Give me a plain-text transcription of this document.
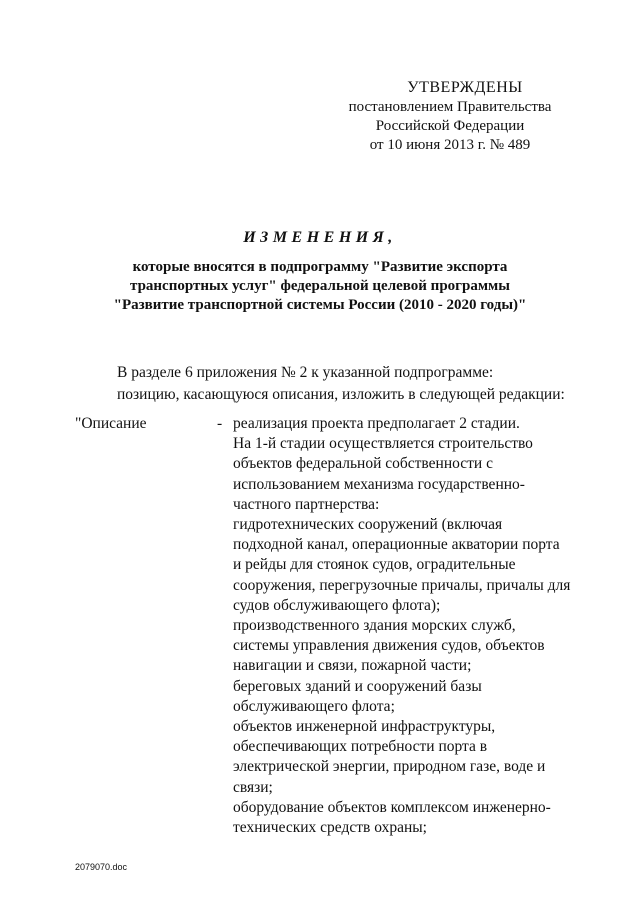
УТВЕРЖДЕНЫ
постановлением Правительства
Российской Федерации
от 10 июня 2013 г. № 489
ИЗМЕНЕНИЯ,
которые вносятся в подпрограмму "Развитие экспорта
транспортных услуг" федеральной целевой программы
"Развитие транспортной системы России (2010 - 2020 годы)"
В разделе 6 приложения № 2 к указанной подпрограмме:
позицию, касающуюся описания, изложить в следующей редакции:
"Описание	- реализация проекта предполагает 2 стадии.
На 1-й стадии осуществляется строительство
объектов федеральной собственности с
использованием механизма государственно-
частного партнерства:
гидротехнических сооружений (включая
подходной канал, операционные акватории порта
и рейды для стоянок судов, оградительные
сооружения, перегрузочные причалы, причалы для
судов обслуживающего флота);
производственного здания морских служб,
системы управления движения судов, объектов
навигации и связи, пожарной части;
береговых зданий и сооружений базы
обслуживающего флота;
объектов инженерной инфраструктуры,
обеспечивающих потребности порта в
электрической энергии, природном газе, воде и
связи;
оборудование объектов комплексом инженерно-
технических средств охраны;
2079070.doc
